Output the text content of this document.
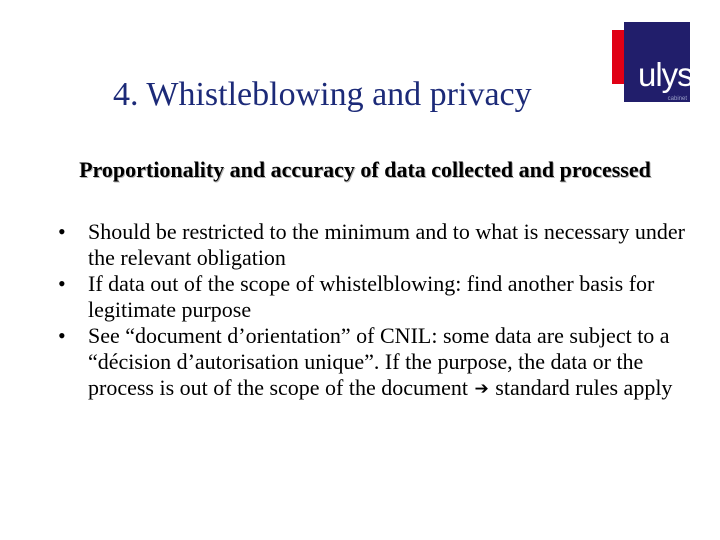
4. Whistleblowing and privacy
ulys
cabinet
Proportionality and accuracy of data collected and processed
• Should be restricted to the minimum and to what is necessary under the relevant obligation
• If data out of the scope of whistelblowing: find another basis for legitimate purpose
• See “document d’orientation” of CNIL: some data are subject to a “décision d’autorisation unique”. If the purpose, the data or the process is out of the scope of the document ➔ standard rules apply
